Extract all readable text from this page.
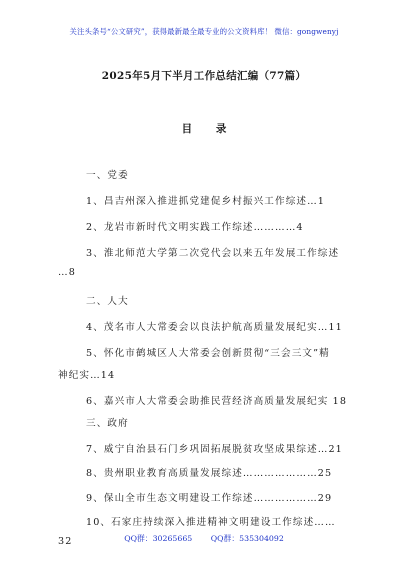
关注头条号“公文研究”，获得最新最全最专业的公文资料库！ 微信：gongwenyj
2025年5月下半月工作总结汇编（77篇）
目 录
一、党委
1、昌吉州深入推进抓党建促乡村振兴工作综述…1
2、龙岩市新时代文明实践工作综述…………4
3、淮北师范大学第二次党代会以来五年发展工作综述
…8
二、人大
4、茂名市人大常委会以良法护航高质量发展纪实…11
5、怀化市鹤城区人大常委会创新贯彻“三会三文”精
神纪实…14
6、嘉兴市人大常委会助推民营经济高质量发展纪实 18
三、政府
7、威宁自治县石门乡巩固拓展脱贫攻坚成果综述…21
8、贵州职业教育高质量发展综述…………………25
9、保山全市生态文明建设工作综述………………29
10、石家庄持续深入推进精神文明建设工作综述……
32	QQ群：30265665 QQ群：535304092
